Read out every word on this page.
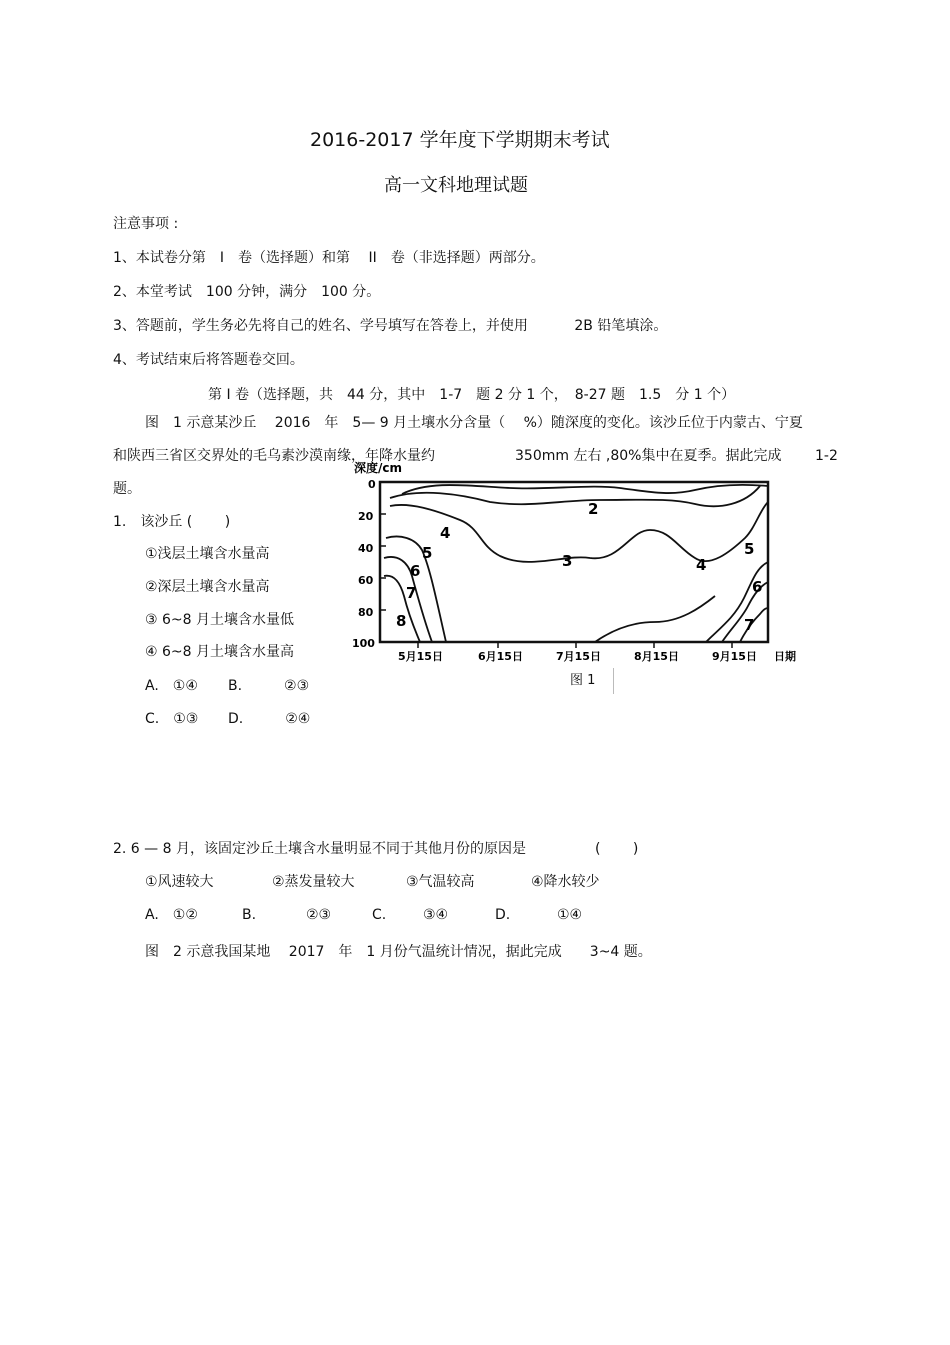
2016-2017 学年度下学期期末考试
高一文科地理试题
注意事项 :
1、本试卷分第　I　卷（选择题）和第　 II　卷（非选择题）两部分。
2、本堂考试　100 分钟，满分　100 分。
3、答题前，学生务必先将自己的姓名、学号填写在答卷上，并使用　　　 2B 铅笔填涂。
4、考试结束后将答题卷交回。
第 I 卷（选择题，共　44 分，其中　1-7　题 2 分 1 个，　8-27 题　1.5　分 1 个）
图　1 示意某沙丘　 2016　年　5— 9 月土壤水分含量（　 %）随深度的变化。该沙丘位于内蒙古、宁夏
和陕西三省区交界处的毛乌素沙漠南缘，年降水量约	350mm 左右 ,80%集中在夏季。据此完成 1-2
题。
1.　该沙丘 (　　 )
①浅层土壤含水量高
②深层土壤含水量高
③ 6~8 月土壤含水量低
④ 6~8 月土壤含水量高
A.　①④ B.　　　②③
C.　①③ D.　　　②④
深度/cm
0
20
40
60
80
100
2
3
4
4
5	5
6
6
7
7
8
5月15日	6月15日	7月15日	8月15日	9月15日 日期
图 1
2. 6 — 8 月，该固定沙丘土壤含水量明显不同于其他月份的原因是	(　　 )
①风速较大	②蒸发量较大	③气温较高	④降水较少
A.　①②	B.	②③	C.	③④	D.	①④
图　2 示意我国某地　 2017　年　1 月份气温统计情况，据此完成　　3~4 题。
